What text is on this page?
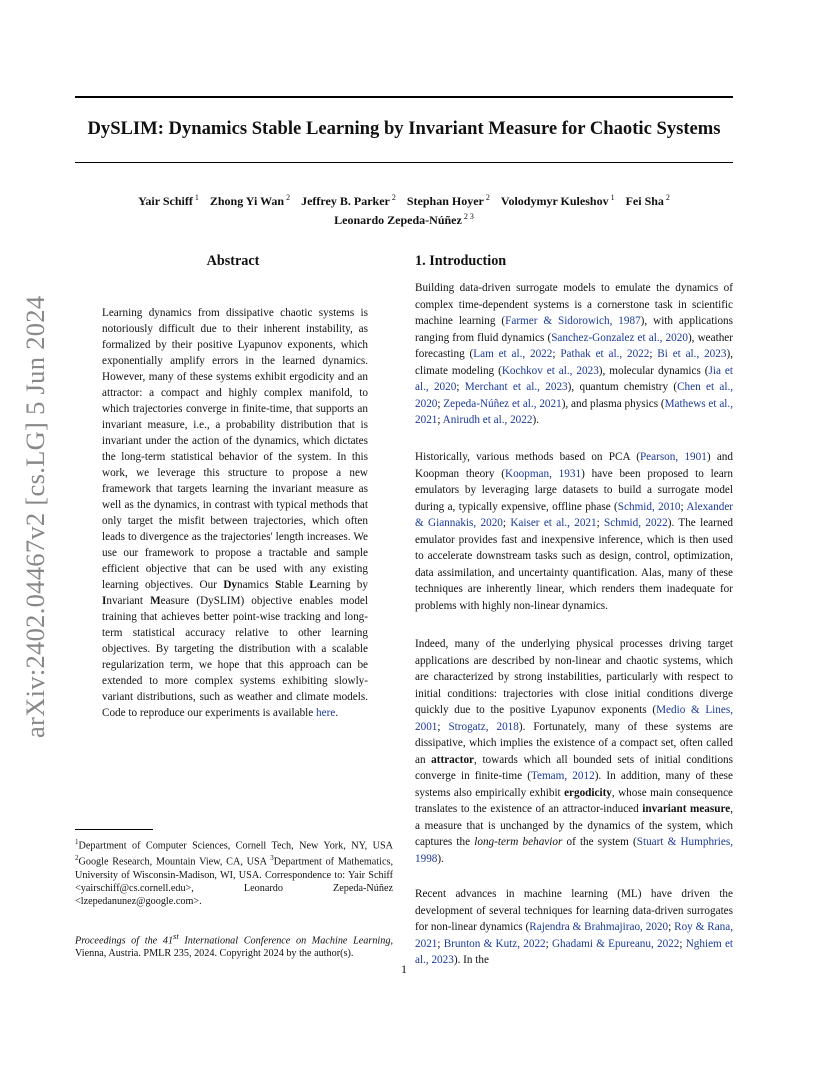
arXiv:2402.04467v2 [cs.LG] 5 Jun 2024
DySLIM: Dynamics Stable Learning by Invariant Measure for Chaotic Systems
Yair Schiff $^1$ Zhong Yi Wan $^2$ Jeffrey B. Parker $^2$ Stephan Hoyer $^2$ Volodymyr Kuleshov $^1$ Fei Sha $^2$
Leonardo Zepeda-Núñez $^{2 3}$
Abstract

Learning dynamics from dissipative chaotic systems is notoriously difficult due to their inherent instability, as formalized by their positive Lyapunov exponents, which exponentially amplify errors in the learned dynamics. However, many of these systems exhibit ergodicity and an attractor: a compact and highly complex manifold, to which trajectories converge in finite-time, that supports an invariant measure, i.e., a probability distribution that is invariant under the action of the dynamics, which dictates the long-term statistical behavior of the system. In this work, we leverage this structure to propose a new framework that targets learning the invariant measure as well as the dynamics, in contrast with typical methods that only target the misfit between trajectories, which often leads to divergence as the trajectories' length increases. We use our framework to propose a tractable and sample efficient objective that can be used with any existing learning objectives. Our Dynamics Stable Learning by Invariant Measure (DySLIM) objective enables model training that achieves better point-wise tracking and long-term statistical accuracy relative to other learning objectives. By targeting the distribution with a scalable regularization term, we hope that this approach can be extended to more complex systems exhibiting slowly-variant distributions, such as weather and climate models. Code to reproduce our experiments is available here.

$^1$Department of Computer Sciences, Cornell Tech, New York, NY, USA $^2$Google Research, Mountain View, CA, USA $^3$Department of Mathematics, University of Wisconsin-Madison, WI, USA. Correspondence to: Yair Schiff <yairschiff@cs.cornell.edu>, Leonardo Zepeda-Núñez <lzepedanunez@google.com>.

Proceedings of the 41st International Conference on Machine Learning, Vienna, Austria. PMLR 235, 2024. Copyright 2024 by the author(s).

1. Introduction

Building data-driven surrogate models to emulate the dynamics of complex time-dependent systems is a cornerstone task in scientific machine learning (Farmer & Sidorowich, 1987), with applications ranging from fluid dynamics (Sanchez-Gonzalez et al., 2020), weather forecasting (Lam et al., 2022; Pathak et al., 2022; Bi et al., 2023), climate modeling (Kochkov et al., 2023), molecular dynamics (Jia et al., 2020; Merchant et al., 2023), quantum chemistry (Chen et al., 2020; Zepeda-Núñez et al., 2021), and plasma physics (Mathews et al., 2021; Anirudh et al., 2022).

Historically, various methods based on PCA (Pearson, 1901) and Koopman theory (Koopman, 1931) have been proposed to learn emulators by leveraging large datasets to build a surrogate model during a, typically expensive, offline phase (Schmid, 2010; Alexander & Giannakis, 2020; Kaiser et al., 2021; Schmid, 2022). The learned emulator provides fast and inexpensive inference, which is then used to accelerate downstream tasks such as design, control, optimization, data assimilation, and uncertainty quantification. Alas, many of these techniques are inherently linear, which renders them inadequate for problems with highly non-linear dynamics.

Indeed, many of the underlying physical processes driving target applications are described by non-linear and chaotic systems, which are characterized by strong instabilities, particularly with respect to initial conditions: trajectories with close initial conditions diverge quickly due to the positive Lyapunov exponents (Medio & Lines, 2001; Strogatz, 2018). Fortunately, many of these systems are dissipative, which implies the existence of a compact set, often called an attractor, towards which all bounded sets of initial conditions converge in finite-time (Temam, 2012). In addition, many of these systems also empirically exhibit ergodicity, whose main consequence translates to the existence of an attractor-induced invariant measure, a measure that is unchanged by the dynamics of the system, which captures the long-term behavior of the system (Stuart & Humphries, 1998).

Recent advances in machine learning (ML) have driven the development of several techniques for learning data-driven surrogates for non-linear dynamics (Rajendra & Brahmajirao, 2020; Roy & Rana, 2021; Brunton & Kutz, 2022; Ghadami & Epureanu, 2022; Nghiem et al., 2023). In the

1
